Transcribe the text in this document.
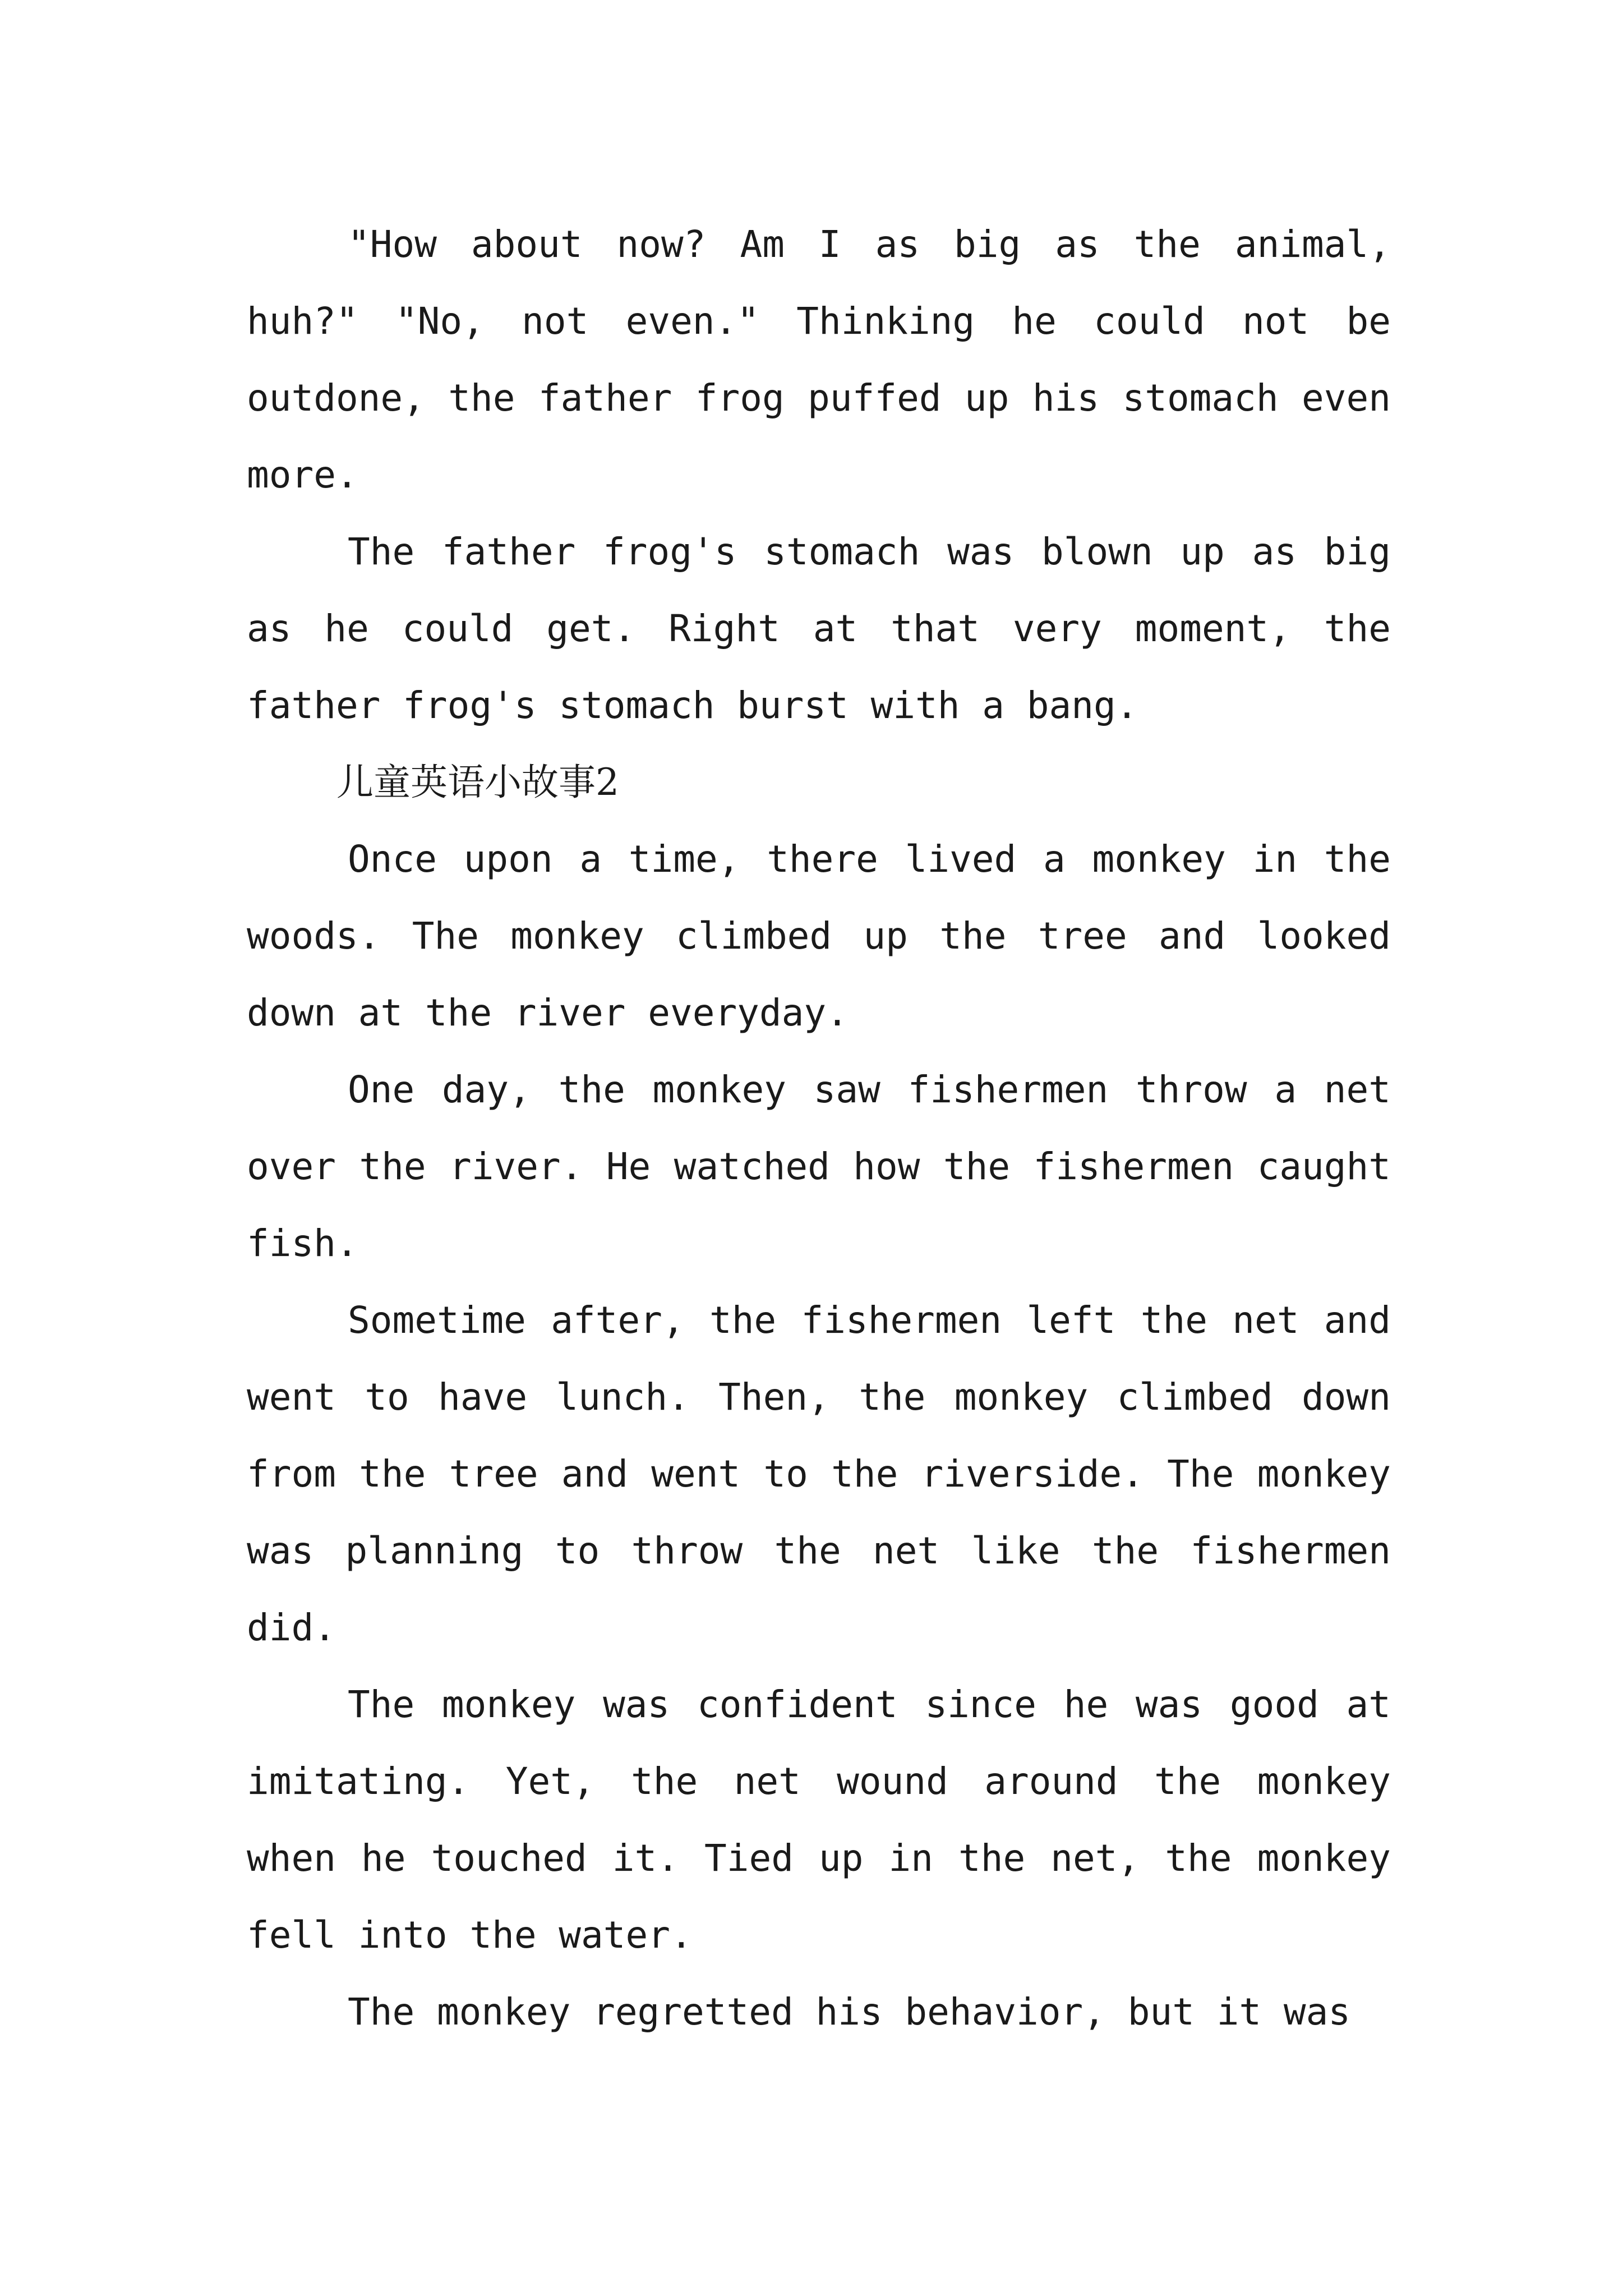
"How about now? Am I as big as the animal, huh?" "No, not even." Thinking he could not be outdone, the father frog puffed up his stomach even more.

The father frog's stomach was blown up as big as he could get. Right at that very moment, the father frog's stomach burst with a bang.

儿童英语小故事2

Once upon a time, there lived a monkey in the woods. The monkey climbed up the tree and looked down at the river everyday.

One day, the monkey saw fishermen throw a net over the river. He watched how the fishermen caught fish.

Sometime after, the fishermen left the net and went to have lunch. Then, the monkey climbed down from the tree and went to the riverside. The monkey was planning to throw the net like the fishermen did.

The monkey was confident since he was good at imitating. Yet, the net wound around the monkey when he touched it. Tied up in the net, the monkey fell into the water.

The monkey regretted his behavior, but it was
